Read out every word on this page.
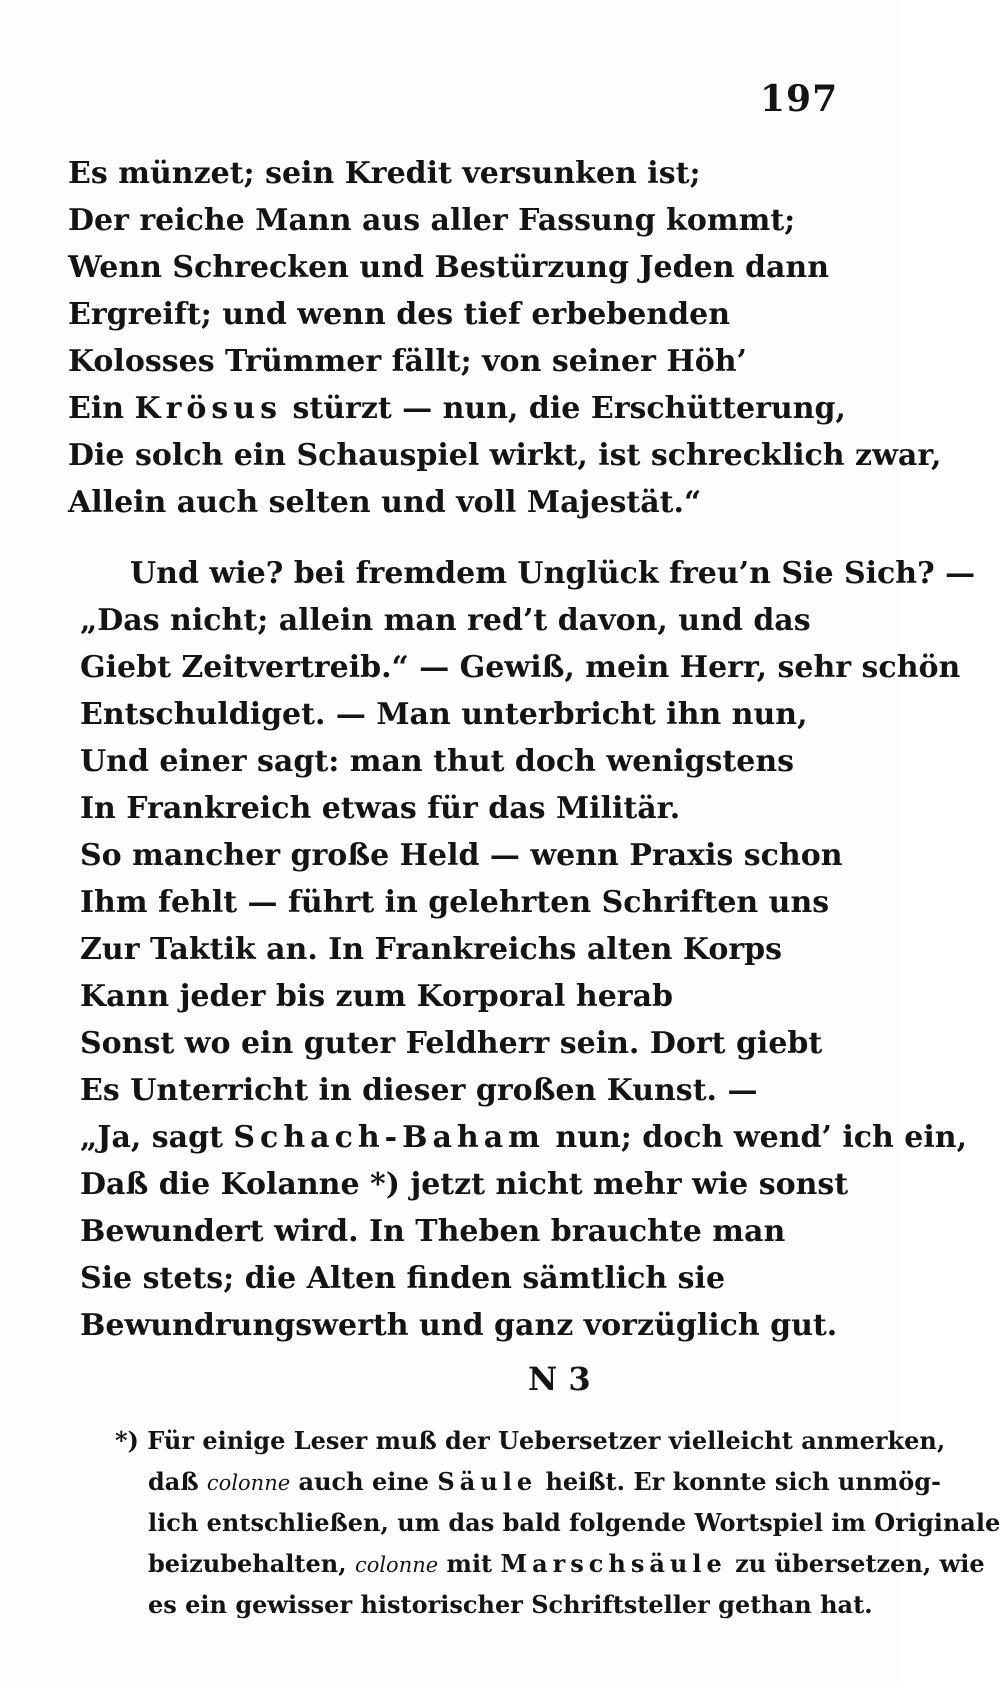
197
Es münzet; sein Kredit versunken ist;
Der reiche Mann aus aller Fassung kommt;
Wenn Schrecken und Bestürzung Jeden dann
Ergreift; und wenn des tief erbebenden
Kolosses Trümmer fällt; von seiner Höh’
Ein Krösus stürzt — nun, die Erschütterung,
Die solch ein Schauspiel wirkt, ist schrecklich zwar,
Allein auch selten und voll Majestät.“
Und wie? bei fremdem Unglück freu’n Sie Sich? —
„Das nicht; allein man red’t davon, und das
Giebt Zeitvertreib.“ — Gewiß, mein Herr, sehr schön
Entschuldiget. — Man unterbricht ihn nun,
Und einer sagt: man thut doch wenigstens
In Frankreich etwas für das Militär.
So mancher große Held — wenn Praxis schon
Ihm fehlt — führt in gelehrten Schriften uns
Zur Taktik an. In Frankreichs alten Korps
Kann jeder bis zum Korporal herab
Sonst wo ein guter Feldherr sein. Dort giebt
Es Unterricht in dieser großen Kunst. —
„Ja, sagt Schach-Baham nun; doch wend’ ich ein,
Daß die Kolanne *) jetzt nicht mehr wie sonst
Bewundert wird. In Theben brauchte man
Sie stets; die Alten finden sämtlich sie
Bewundrungswerth und ganz vorzüglich gut.
N 3
*) Für einige Leser muß der Uebersetzer vielleicht anmerken,
daß colonne auch eine Säule heißt. Er konnte sich unmög-
lich entschließen, um das bald folgende Wortspiel im Originale
beizubehalten, colonne mit Marschsäule zu übersetzen, wie
es ein gewisser historischer Schriftsteller gethan hat.
